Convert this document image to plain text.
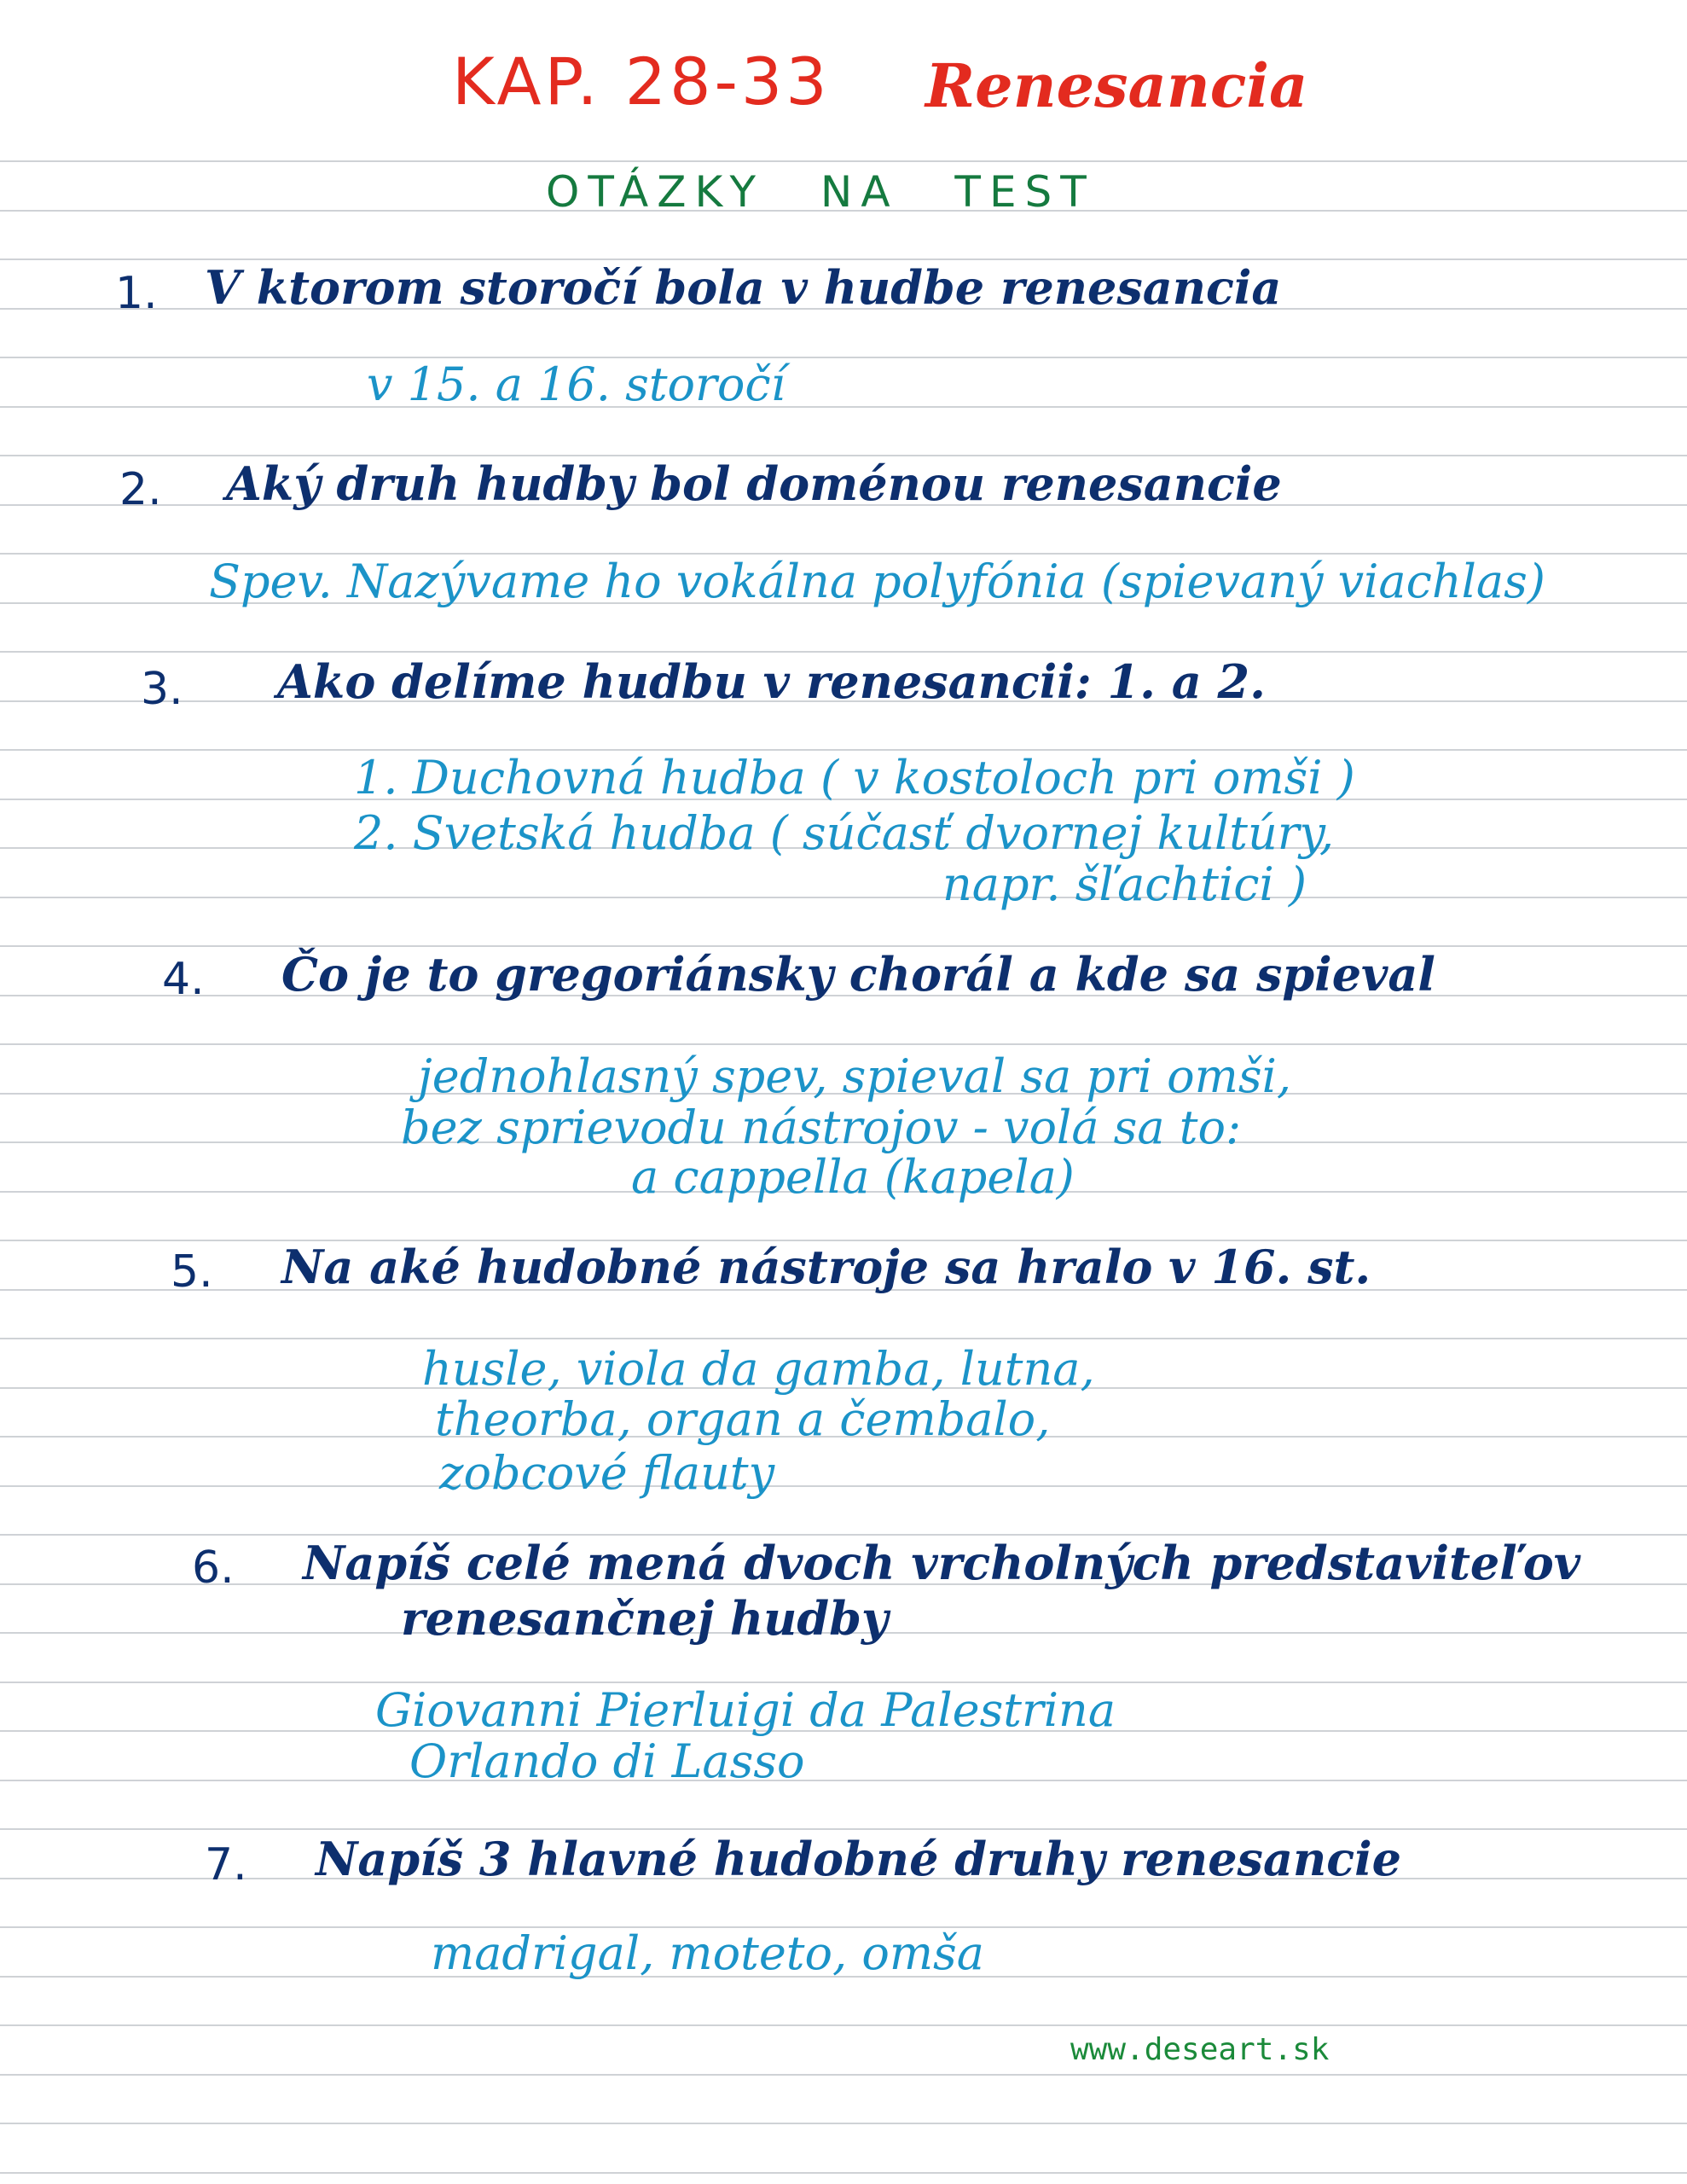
KAP. 28-33 Renesancia
OTÁZKY NA TEST
1. V ktorom storočí bola v hudbe renesancia
v 15. a 16. storočí
2. Aký druh hudby bol doménou renesancie
Spev. Nazývame ho vokálna polyfónia (spievaný viachlas)
3. Ako delíme hudbu v renesancii: 1. a 2.
1. Duchovná hudba ( v kostoloch pri omši )
2. Svetská hudba ( súčasť dvornej kultúry,
napr. šľachtici )
4. Čo je to gregoriánsky chorál a kde sa spieval
jednohlasný spev, spieval sa pri omši,
bez sprievodu nástrojov - volá sa to:
a cappella (kapela)
5. Na aké hudobné nástroje sa hralo v 16. st.
husle, viola da gamba, lutna,
theorba, organ a čembalo,
zobcové flauty
6. Napíš celé mená dvoch vrcholných predstaviteľov
renesančnej hudby
Giovanni Pierluigi da Palestrina
Orlando di Lasso
7. Napíš 3 hlavné hudobné druhy renesancie
madrigal, moteto, omša
www.deseart.sk
